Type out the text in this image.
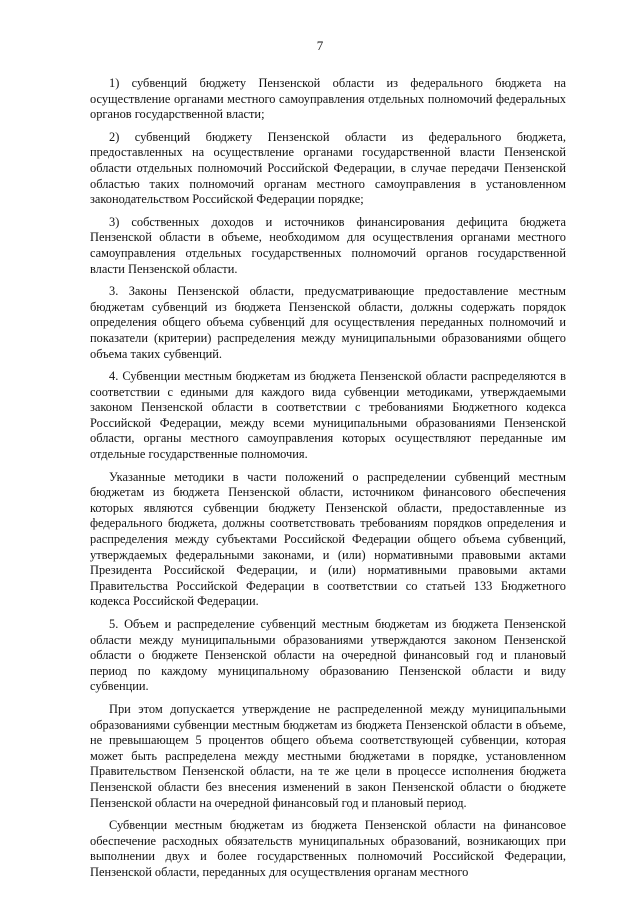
7

1) субвенций бюджету Пензенской области из федерального бюджета на осуществление органами местного самоуправления отдельных полномочий федеральных органов государственной власти;

2) субвенций бюджету Пензенской области из федерального бюджета, предоставленных на осуществление органами государственной власти Пензенской области отдельных полномочий Российской Федерации, в случае передачи Пензенской областью таких полномочий органам местного самоуправления в установленном законодательством Российской Федерации порядке;

3) собственных доходов и источников финансирования дефицита бюджета Пензенской области в объеме, необходимом для осуществления органами местного самоуправления отдельных государственных полномочий органов государственной власти Пензенской области.

3. Законы Пензенской области, предусматривающие предоставление местным бюджетам субвенций из бюджета Пензенской области, должны содержать порядок определения общего объема субвенций для осуществления переданных полномочий и показатели (критерии) распределения между муниципальными образованиями общего объема таких субвенций.

4. Субвенции местным бюджетам из бюджета Пензенской области распределяются в соответствии с едиными для каждого вида субвенции методиками, утверждаемыми законом Пензенской области в соответствии с требованиями Бюджетного кодекса Российской Федерации, между всеми муниципальными образованиями Пензенской области, органы местного самоуправления которых осуществляют переданные им отдельные государственные полномочия.

Указанные методики в части положений о распределении субвенций местным бюджетам из бюджета Пензенской области, источником финансового обеспечения которых являются субвенции бюджету Пензенской области, предоставленные из федерального бюджета, должны соответствовать требованиям порядков определения и распределения между субъектами Российской Федерации общего объема субвенций, утверждаемых федеральными законами, и (или) нормативными правовыми актами Президента Российской Федерации, и (или) нормативными правовыми актами Правительства Российской Федерации в соответствии со статьей 133 Бюджетного кодекса Российской Федерации.

5. Объем и распределение субвенций местным бюджетам из бюджета Пензенской области между муниципальными образованиями утверждаются законом Пензенской области о бюджете Пензенской области на очередной финансовый год и плановый период по каждому муниципальному образованию Пензенской области и виду субвенции.

При этом допускается утверждение не распределенной между муниципальными образованиями субвенции местным бюджетам из бюджета Пензенской области в объеме, не превышающем 5 процентов общего объема соответствующей субвенции, которая может быть распределена между местными бюджетами в порядке, установленном Правительством Пензенской области, на те же цели в процессе исполнения бюджета Пензенской области без внесения изменений в закон Пензенской области о бюджете Пензенской области на очередной финансовый год и плановый период.

Субвенции местным бюджетам из бюджета Пензенской области на финансовое обеспечение расходных обязательств муниципальных образований, возникающих при выполнении двух и более государственных полномочий Российской Федерации, Пензенской области, переданных для осуществления органам местного
